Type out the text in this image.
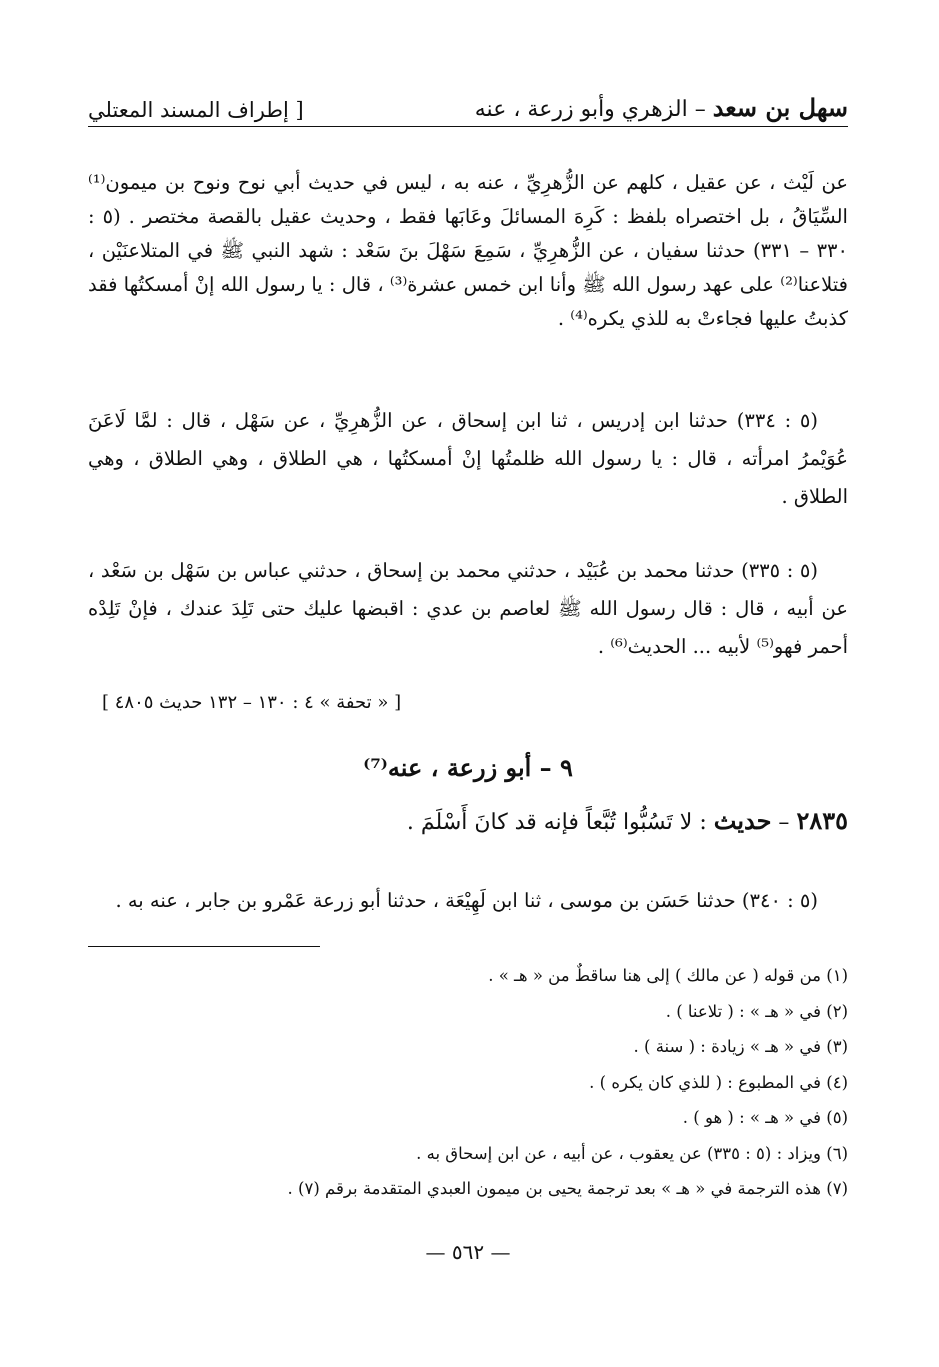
سهل بن سعد – الزهري وأبو زرعة ، عنه
[ إطراف المسند المعتلي

عن لَيْث ، عن عقيل ، كلهم عن الزُّهرِيِّ ، عنه به ، ليس في حديث أبي نوح ونوح بن ميمون⁽¹⁾ السِّيَاقُ ، بل اختصراه بلفظ : كَرِهَ المسائلَ وعَابَها فقط ، وحديث عقيل بالقصة مختصر . (٥ : ٣٣٠ – ٣٣١) حدثنا سفيان ، عن الزُّهرِيِّ ، سَمِعَ سَهْلَ بنَ سَعْد : شهد النبي ﷺ في المتلاعنَيْن ، فتلاعنا⁽²⁾ على عهد رسول الله ﷺ وأنا ابن خمس عشرة⁽³⁾ ، قال : يا رسول الله إنْ أمسكتُها فقد كذبتُ عليها فجاءتْ به للذي يكره⁽⁴⁾ .

(٥ : ٣٣٤) حدثنا ابن إدريس ، ثنا ابن إسحاق ، عن الزُّهرِيِّ ، عن سَهْل ، قال : لمَّا لَاعَنَ عُوَيْمرُ امرأته ، قال : يا رسول الله ظلمتُها إنْ أمسكتُها ، هي الطلاق ، وهي الطلاق ، وهي الطلاق .

(٥ : ٣٣٥) حدثنا محمد بن عُبَيْد ، حدثني محمد بن إسحاق ، حدثني عباس بن سَهْل بن سَعْد ، عن أبيه ، قال : قال رسول الله ﷺ لعاصم بن عدي : اقبضها عليك حتى تَلِدَ عندك ، فإنْ تَلِدْه أحمر فهو⁽⁵⁾ لأبيه ... الحديث⁽⁶⁾ .

[ « تحفة » ٤ : ١٣٠ – ١٣٢ حديث ٤٨٠٥ ]
٩ – أبو زرعة ، عنه⁽⁷⁾
٢٨٣٥ – حديث : لا تَسُبُّوا تُبَّعاً فإنه قد كانَ أَسْلَمَ .

(٥ : ٣٤٠) حدثنا حَسَن بن موسى ، ثنا ابن لَهِيْعَة ، حدثنا أبو زرعة عَمْرو بن جابر ، عنه به .

(١) من قوله ( عن مالك ) إلى هنا ساقطٌ من « هـ » .
(٢) في « هـ » : ( تلاعنا ) .
(٣) في « هـ » زيادة : ( سنة ) .
(٤) في المطبوع : ( للذي كان يكره ) .
(٥) في « هـ » : ( هو ) .
(٦) ويزاد : (٥ : ٣٣٥) عن يعقوب ، عن أبيه ، عن ابن إسحاق به .
(٧) هذه الترجمة في « هـ » بعد ترجمة يحيى بن ميمون العبدي المتقدمة برقم (٧) .
— ٥٦٢ —
